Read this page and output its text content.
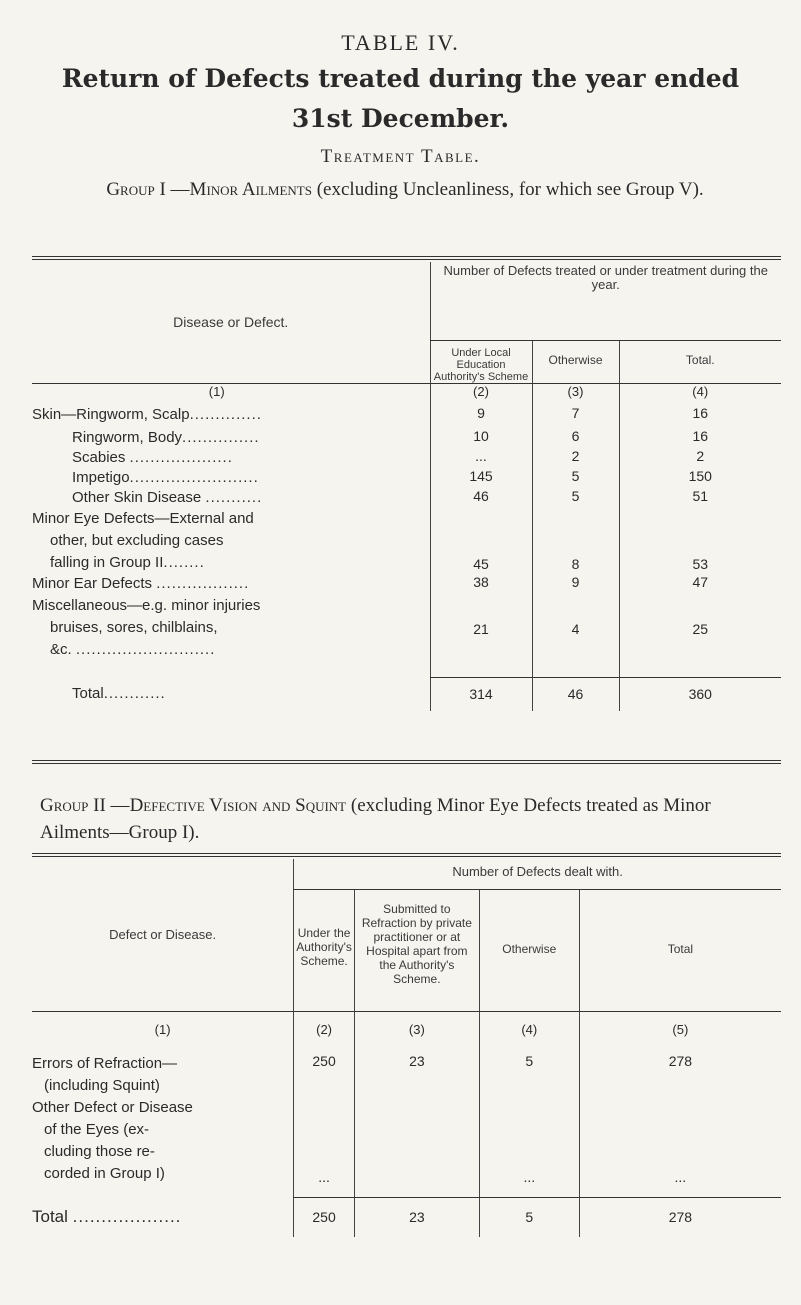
TABLE IV.
Return of Defects treated during the year ended
31st December.
Treatment Table.
Group I —Minor Ailments (excluding Uncleanliness, for which see Group V).
Disease or Defect.	Number of Defects treated or under treatment during the year.		
	Under Local Education Authority's Scheme	Otherwise	Total.
(1)	(2)	(3)	(4)
Skin—Ringworm, Scalp..............	9	7	16
Ringworm, Body...............	10	6	16
Scabies ....................	...	2	2
Impetigo.........................	145	5	150
Other Skin Disease ...........	46	5	51

Minor Eye Defects—External and
other, but excluding cases
falling in Group II........	45	8	53
Minor Ear Defects ..................	38	9	47

Miscellaneous—e.g. minor injuries
bruises, sores, chilblains,
&c. ...........................	21	4	25

Total............	314	46	360
Group II —Defective Vision and Squint (excluding Minor Eye Defects treated as Minor Ailments—Group I).
Defect or Disease.	Number of Defects dealt with.			
	Under the Authority's Scheme.	Submitted to Refraction by private practitioner or at Hospital apart from the Authority's Scheme.	Otherwise	Total
(1)	(2)	(3)	(4)	(5)

Errors of Refraction—
(including Squint)	250	23	5	278

Other Defect or Disease
of the Eyes (ex-
cluding those re-
corded in Group I)	...		...	...

Total ...................	250	23	5	278
